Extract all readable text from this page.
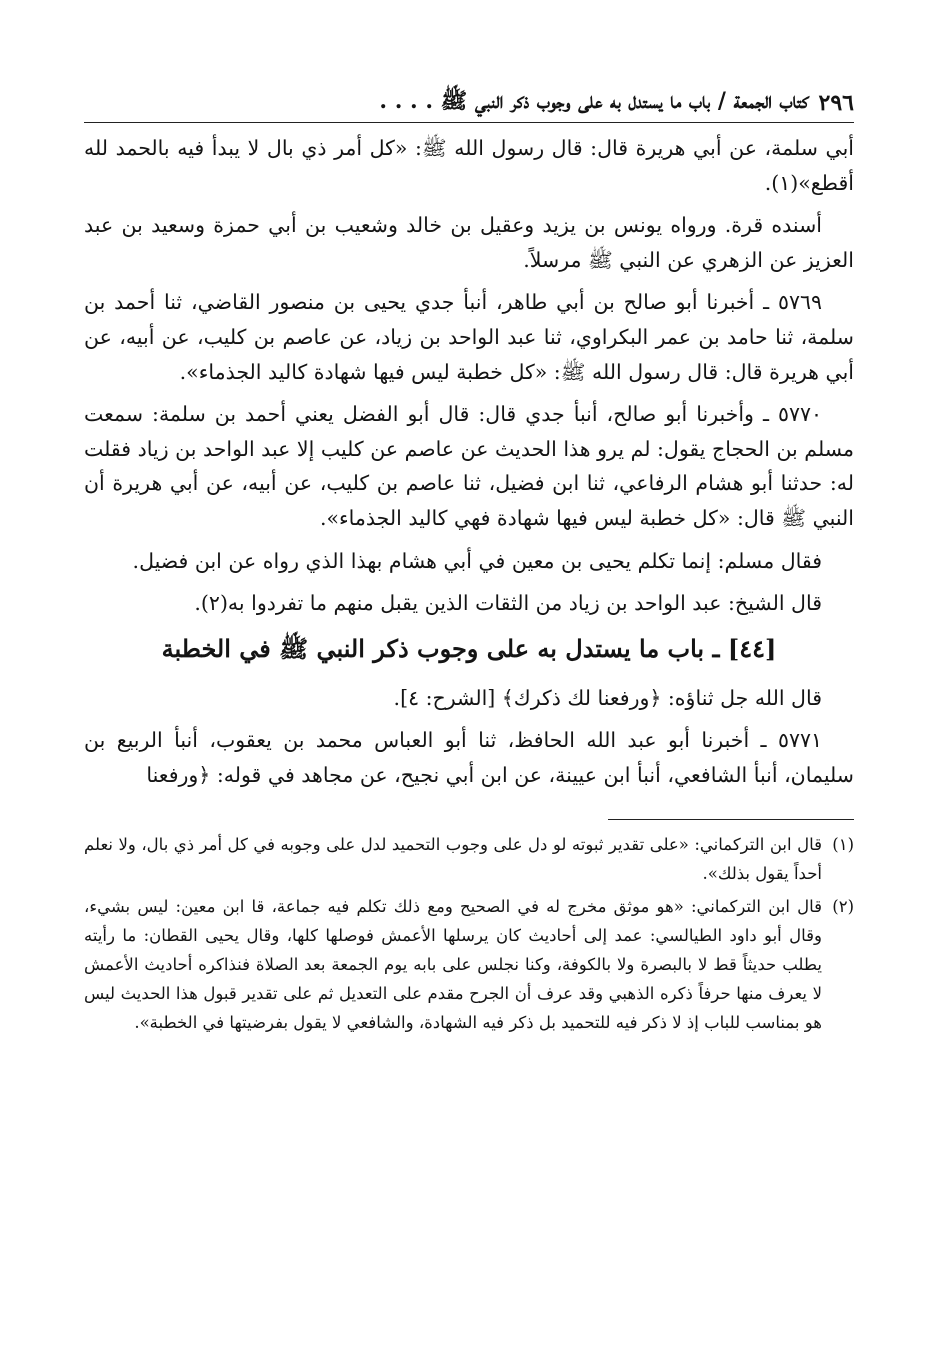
٢٩٦
كتاب الجمعة / باب ما يستدل به على وجوب ذكر النبي ﷺ . . . .

أبي سلمة، عن أبي هريرة قال: قال رسول الله ﷺ: «كل أمر ذي بال لا يبدأ فيه بالحمد لله أقطع»(١).

أسنده قرة. ورواه يونس بن يزيد وعقيل بن خالد وشعيب بن أبي حمزة وسعيد بن عبد العزيز عن الزهري عن النبي ﷺ مرسلاً.

٥٧٦٩ ـ أخبرنا أبو صالح بن أبي طاهر، أنبأ جدي يحيى بن منصور القاضي، ثنا أحمد بن سلمة، ثنا حامد بن عمر البكراوي، ثنا عبد الواحد بن زياد، عن عاصم بن كليب، عن أبيه، عن أبي هريرة قال: قال رسول الله ﷺ: «كل خطبة ليس فيها شهادة كاليد الجذماء».

٥٧٧٠ ـ وأخبرنا أبو صالح، أنبأ جدي قال: قال أبو الفضل يعني أحمد بن سلمة: سمعت مسلم بن الحجاج يقول: لم يرو هذا الحديث عن عاصم عن كليب إلا عبد الواحد بن زياد فقلت له: حدثنا أبو هشام الرفاعي، ثنا ابن فضيل، ثنا عاصم بن كليب، عن أبيه، عن أبي هريرة أن النبي ﷺ قال: «كل خطبة ليس فيها شهادة فهي كاليد الجذماء».

فقال مسلم: إنما تكلم يحيى بن معين في أبي هشام بهذا الذي رواه عن ابن فضيل.

قال الشيخ: عبد الواحد بن زياد من الثقات الذين يقبل منهم ما تفردوا به(٢).

[٤٤] ـ باب ما يستدل به على وجوب ذكر النبي ﷺ في الخطبة

قال الله جل ثناؤه: ﴿ورفعنا لك ذكرك﴾ [الشرح: ٤].

٥٧٧١ ـ أخبرنا أبو عبد الله الحافظ، ثنا أبو العباس محمد بن يعقوب، أنبأ الربيع بن سليمان، أنبأ الشافعي، أنبأ ابن عيينة، عن ابن أبي نجيح، عن مجاهد في قوله: ﴿ورفعنا

(١)
قال ابن التركماني: «على تقدير ثبوته لو دل على وجوب التحميد لدل على وجوبه في كل أمر ذي بال، ولا نعلم أحداً يقول بذلك».
(٢)
قال ابن التركماني: «هو موثق مخرج له في الصحيح ومع ذلك تكلم فيه جماعة، قا ابن معين: ليس بشيء، وقال أبو داود الطيالسي: عمد إلى أحاديث كان يرسلها الأعمش فوصلها كلها، وقال يحيى القطان: ما رأيته يطلب حديثاً قط لا بالبصرة ولا بالكوفة، وكنا نجلس على بابه يوم الجمعة بعد الصلاة فنذاكره أحاديث الأعمش لا يعرف منها حرفاً ذكره الذهبي وقد عرف أن الجرح مقدم على التعديل ثم على تقدير قبول هذا الحديث ليس هو بمناسب للباب إذ لا ذكر فيه للتحميد بل ذكر فيه الشهادة، والشافعي لا يقول بفرضيتها في الخطبة».
